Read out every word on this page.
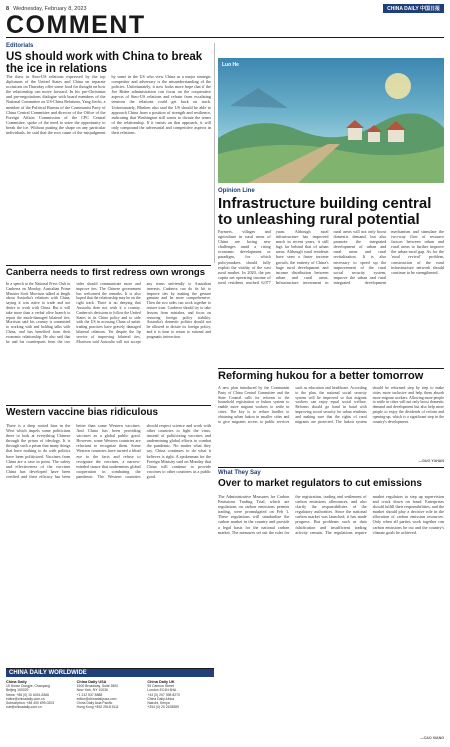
8 Wednesday, February 8, 2023	CHINA DAILY 中国日报
COMMENT
Editorials
US should work with China to break the ice in relations
The thaw in Sino-US relations expressed by the top diplomats of the United States and China on separate occasions on Thursday offer some food for thought on how the relationship can move forward. In his pre-Christmas and pre-negotiations dialogue with board members of the National Committee on US-China Relations, Yang Jiechi, a member of the Political Bureau of the Communist Party of China Central Committee and director of the Office of the Foreign Affairs Commission of the CPC Central Committee, spoke of the need to seize the opportunity to break the ice. Without putting the shape on any particular individuals, he said that the root cause of the misjudgment by some in the US who view China as a major strategic competitor and adversary is the misunderstanding of the policies. Unfortunately, it now looks more hope that if the Joe Biden administration can focus on the cooperative aspects of Sino-US relations and refrain from escalating tensions the relations could get back on track. Unfortunately, Blinken also said the US should be able to approach China from a position of strength and resilience, indicating that Washington still wants to dictate the terms of the relationship. If it insists on that approach, it will only compound the adversarial and competitive aspects in their relations.
Luo He
Opinion Line
Infrastructure building central to unleashing rural potential
Farmers, villages and agriculture in rural areas of China are facing new challenges amid a rising economic development or paradigm, for which policymakers should fully exploit the vitality of the vast rural market. In 2020, the per capita net operating income of rural residents reached 6,077 yuan. Although rural infrastructure has improved much in recent years, it still lags far behind that of urban areas. Although rural residents have seen a faster income growth, the entirety of China's huge rural development and income distribution between urban and rural areas. Infrastructure investment in rural areas will not only boost domestic demand, but also promote the integrated development of urban and rural areas and rural revitalization. It is also necessary to speed up the improvement of the rural social security system, improve the urban and rural integrated development mechanism and stimulate the two-way flow of resource factors between urban and rural areas to further improve the urban-rural gap. As for the 'rural revival' problem, construction of the rural infrastructure network should continue to be strengthened.
Canberra needs to first redress own wrongs
In a speech at the National Press Club in Canberra on Monday, Australian Prime Minister Scott Morrison talked at length about Australia's relations with China, saying it was naive to trade and not desire to work with China. But it will take more than a verbal olive branch to repair the much-damaged bilateral ties. Morrison said his country is committed to working with and holding talks with China, and has benefited from their economic relationship. He also said that he and his counterparts from the two sides should communicate more and improve ties. The Chinese government has welcomed the remarks. It is also hoped that the relationship may be on the right track. There is no denying that Australia does not wish it a country. Canberra's decisions to follow the United States in its China policy and to side with the US in accusing China of unfair trading practices have gravely damaged bilateral relations. Yet despite the lip service of improving bilateral ties, Morrison said Australia will not accept any terms unfriendly to Australian interests. Canberra can do its bit to improve ties by making the gesture genuine and be more comprehensive. Then the two sides can work together to restore trust. Canberra should try to take lessons from mistakes, and focus on restoring foreign policy stability. Australia's domestic politics should not be allowed to dictate its foreign policy, and it is time to return to rational and pragmatic interaction.
Reforming hukou for a better tomorrow
A new plan introduced by the Communist Party of China Central Committee and the State Council calls for reforms to the household registration or hukou system to enable more migrant workers to settle in cities. The key is to reduce hurdles to obtaining urban hukou in smaller cities and to give migrants access to public services such as education and healthcare. According to the plan, the national social security system will be improved so that migrant workers can enjoy equal social welfare. Reforms should go hand in hand with improving social security for urban residents and making sure that the rights of rural migrants are protected. The hukou system should be reformed step by step to make cities more inclusive and help them absorb more migrant workers. Allowing more people to settle in cities will not only boost domestic demand and development but also help more people to enjoy the dividends of reform and opening-up, which is a significant step in the country's development.
—GUO YUHAN
Western vaccine bias ridiculous
There is a deep rooted bias in the West which impels some politicians there to look at everything Chinese through the prism of ideology. It is through such a prism that many things that have nothing to do with politics have been politicized. Vaccines from China are a case in point. The safety and effectiveness of the vaccines China has developed have been verified and their efficacy has been better than some Western vaccines. And China has been providing vaccines as a global public good. However, some Western countries are reluctant to recognize them. Some Western countries have turned a blind eye to the facts and refuse to recognize the vaccines, a narrow-minded stance that undermines global cooperation in combating the pandemic. The Western countries should respect science and work with other countries to fight the virus, instead of politicizing vaccines and undermining global efforts to combat the pandemic. No matter what they say, China continues to do what it believes is right. A spokesman for the Foreign Ministry said on Monday that China will continue to provide vaccines to other countries as a public good.
What They Say
Over to market regulators to cut emissions
The Administrative Measures for Carbon Emissions Trading Trial, which are regulations on carbon emissions permits trading, were promulgated on Feb 1. These regulations will standardize the carbon market in the country and provide a legal basis for the national carbon market. The measures set out the rules for the registration, trading and settlement of carbon emissions allowances, and also clarify the responsibilities of the regulatory authorities. Since the national carbon market was launched, it has made progress. But problems such as data falsification and insufficient trading activity remain. The regulations require market regulators to step up supervision and crack down on fraud. Enterprises should fulfill their responsibilities, and the market should play a decisive role in the allocation of carbon emission resources. Only when all parties work together can carbon emissions be cut and the country's climate goals be achieved.
—CAO XIANG
CHINA DAILY WORLDWIDE
China Daily
15 Huixin Dongjie, Chaoyang
Beijing 100029
News: +86 (0) 10 6491-8366
editor@chinadaily.com.cn
Subscription: +86 400 699-0203
sub@chinadaily.com.cn
China Daily USA
1500 Broadway, Suite 2800
New York, NY 10036
+1 212 537 8888
editor@chinadailyusa.com
China Daily Asia Pacific
Hong Kong +852 2518 5111
China Daily UK
90 Cannon Street
London EC4N 6HA
+44 (0) 207 398 8270
China Daily Africa
Nairobi, Kenya
+254 (0) 20 2428589
